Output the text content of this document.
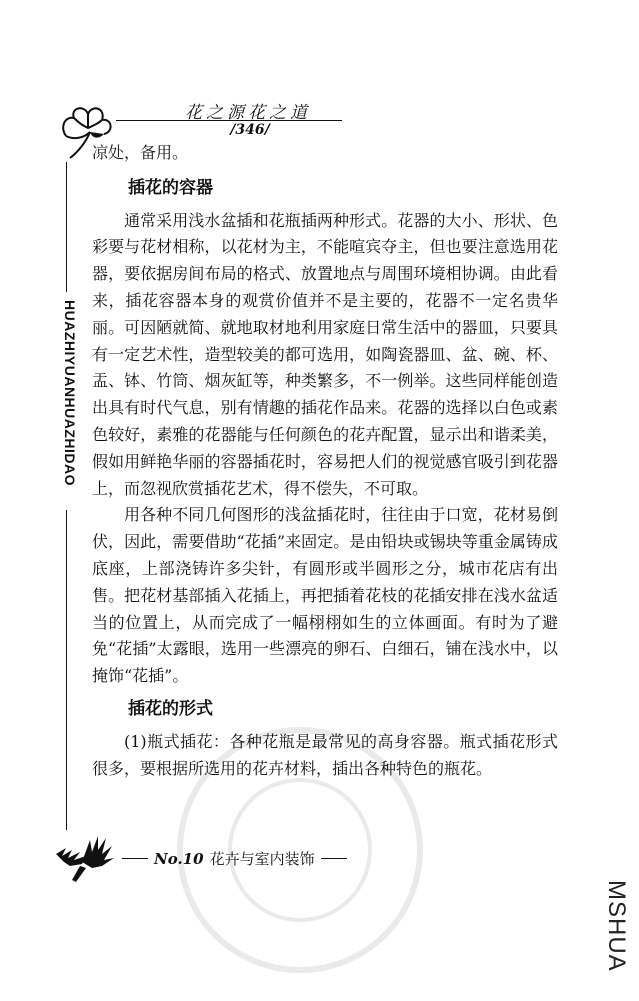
花之源花之道
/346/
HUAZHIYUANHUAZHIDAO

凉处，备用。

插花的容器

通常采用浅水盆插和花瓶插两种形式。花器的大小、形状、色彩要与花材相称，以花材为主，不能喧宾夺主，但也要注意选用花器，要依据房间布局的格式、放置地点与周围环境相协调。由此看来，插花容器本身的观赏价值并不是主要的，花器不一定名贵华丽。可因陋就简、就地取材地利用家庭日常生活中的器皿，只要具有一定艺术性，造型较美的都可选用，如陶瓷器皿、盆、碗、杯、盂、钵、竹筒、烟灰缸等，种类繁多，不一例举。这些同样能创造出具有时代气息，别有情趣的插花作品来。花器的选择以白色或素色较好，素雅的花器能与任何颜色的花卉配置，显示出和谐柔美，假如用鲜艳华丽的容器插花时，容易把人们的视觉感官吸引到花器上，而忽视欣赏插花艺术，得不偿失，不可取。

用各种不同几何图形的浅盆插花时，往往由于口宽，花材易倒伏，因此，需要借助“花插”来固定。是由铅块或锡块等重金属铸成底座，上部浇铸许多尖针，有圆形或半圆形之分，城市花店有出售。把花材基部插入花插上，再把插着花枝的花插安排在浅水盆适当的位置上，从而完成了一幅栩栩如生的立体画面。有时为了避免“花插”太露眼，选用一些漂亮的卵石、白细石，铺在浅水中，以掩饰“花插”。

插花的形式

(1)瓶式插花：各种花瓶是最常见的高身容器。瓶式插花形式很多，要根据所选用的花卉材料，插出各种特色的瓶花。

No.10 花卉与室内装饰
MSHUA
